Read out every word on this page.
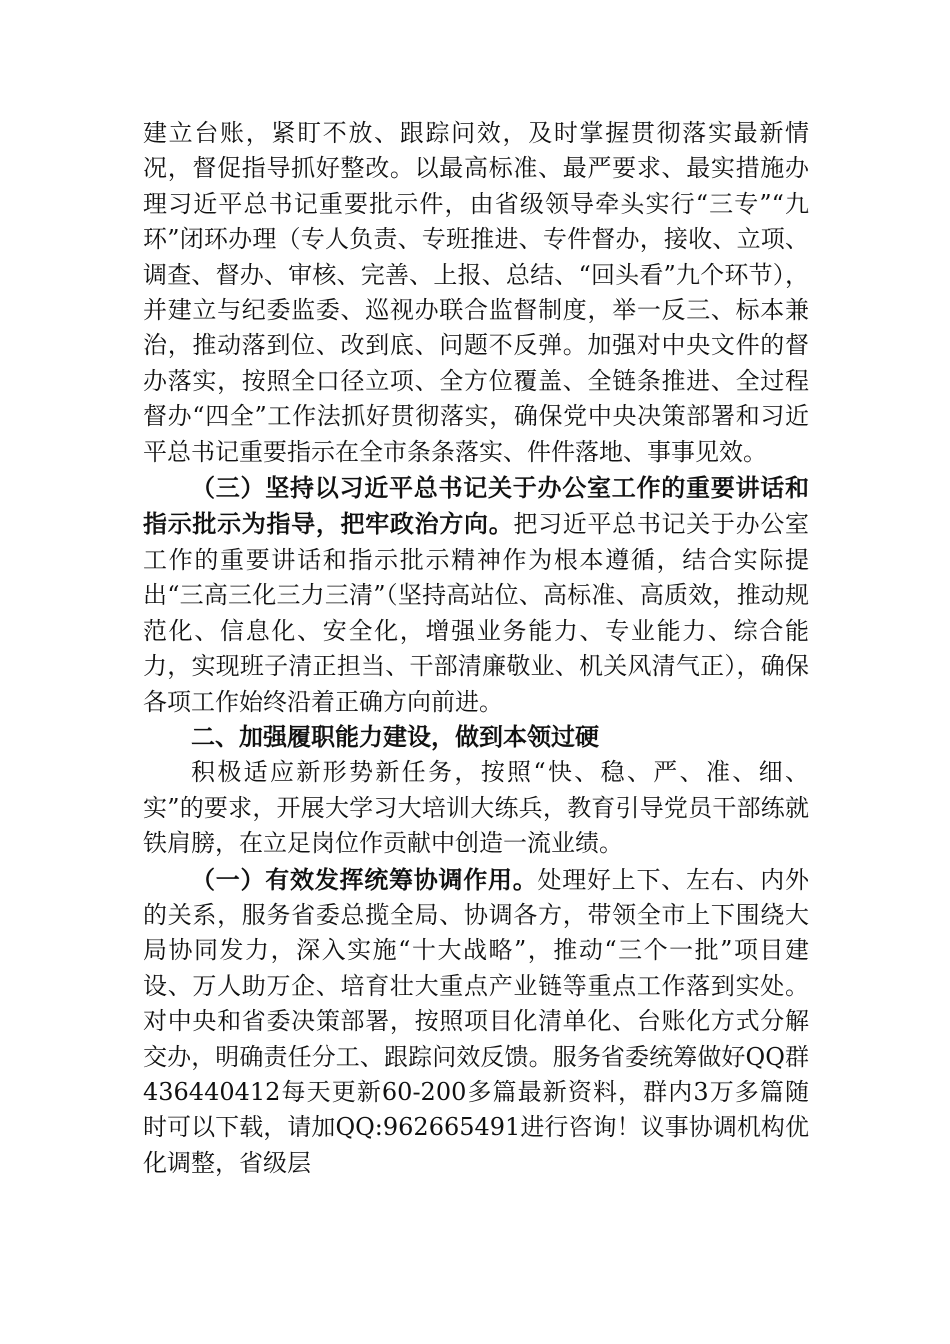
建立台账，紧盯不放、跟踪问效，及时掌握贯彻落实最新情况，督促指导抓好整改。以最高标准、最严要求、最实措施办理习近平总书记重要批示件，由省级领导牵头实行“三专”“九环”闭环办理（专人负责、专班推进、专件督办，接收、立项、调查、督办、审核、完善、上报、总结、“回头看”九个环节），并建立与纪委监委、巡视办联合监督制度，举一反三、标本兼治，推动落到位、改到底、问题不反弹。加强对中央文件的督办落实，按照全口径立项、全方位覆盖、全链条推进、全过程督办“四全”工作法抓好贯彻落实，确保党中央决策部署和习近平总书记重要指示在全市条条落实、件件落地、事事见效。

（三）坚持以习近平总书记关于办公室工作的重要讲话和指示批示为指导，把牢政治方向。把习近平总书记关于办公室工作的重要讲话和指示批示精神作为根本遵循，结合实际提出“三高三化三力三清”（坚持高站位、高标准、高质效，推动规范化、信息化、安全化，增强业务能力、专业能力、综合能力，实现班子清正担当、干部清廉敬业、机关风清气正），确保各项工作始终沿着正确方向前进。

二、加强履职能力建设，做到本领过硬

积极适应新形势新任务，按照“快、稳、严、准、细、实”的要求，开展大学习大培训大练兵，教育引导党员干部练就铁肩膀，在立足岗位作贡献中创造一流业绩。

（一）有效发挥统筹协调作用。处理好上下、左右、内外的关系，服务省委总揽全局、协调各方，带领全市上下围绕大局协同发力，深入实施“十大战略”，推动“三个一批”项目建设、万人助万企、培育壮大重点产业链等重点工作落到实处。对中央和省委决策部署，按照项目化清单化、台账化方式分解交办，明确责任分工、跟踪问效反馈。服务省委统筹做好QQ群436440412每天更新60-200多篇最新资料，群内3万多篇随时可以下载，请加QQ:962665491进行咨询！议事协调机构优化调整，省级层
